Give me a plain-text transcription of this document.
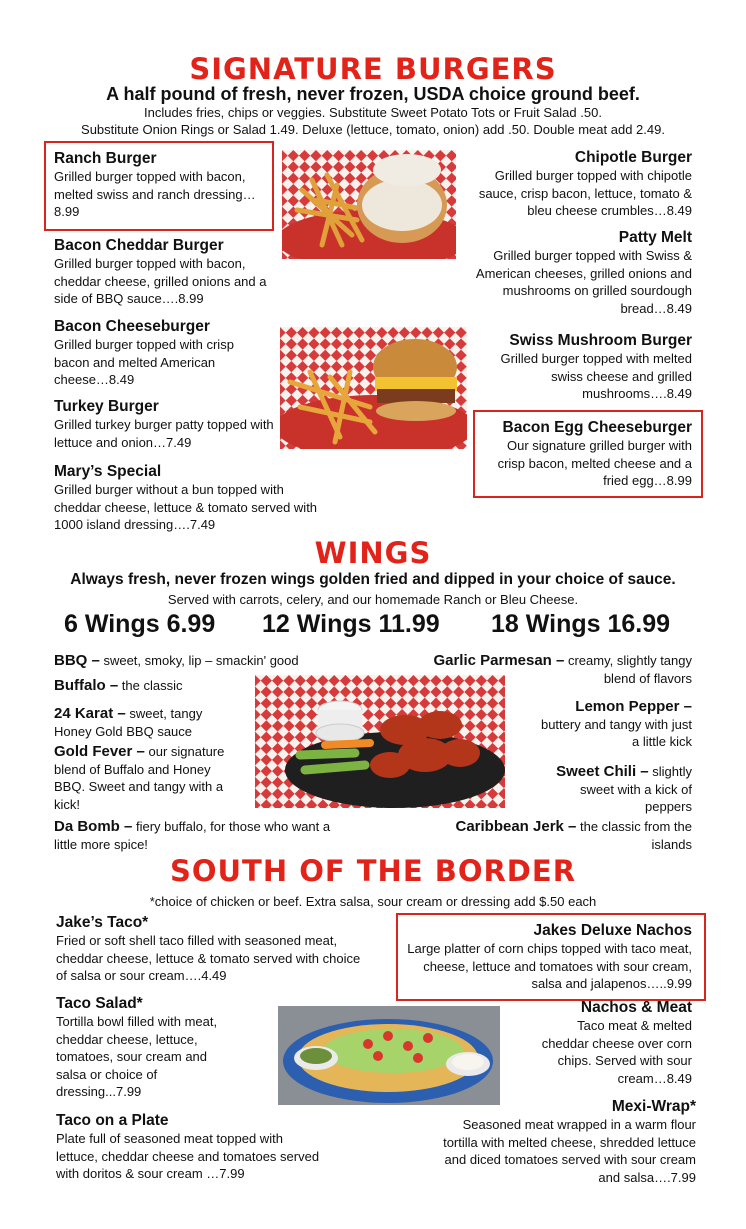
SIGNATURE BURGERS
A half pound of fresh, never frozen, USDA choice ground beef.
Includes fries, chips or veggies. Substitute Sweet Potato Tots or Fruit Salad .50.
Substitute Onion Rings or Salad 1.49. Deluxe (lettuce, tomato, onion) add .50. Double meat add 2.49.
Ranch Burger
Grilled burger topped with bacon, melted swiss and ranch dressing…8.99
Bacon Cheddar Burger
Grilled burger topped with bacon, cheddar cheese, grilled onions and a side of BBQ sauce….8.99
Bacon Cheeseburger
Grilled burger topped with crisp bacon and melted American cheese…8.49
Turkey Burger
Grilled turkey burger patty topped with lettuce and onion…7.49
Mary’s Special
Grilled burger without a bun topped with cheddar cheese, lettuce & tomato served with 1000 island dressing….7.49
Chipotle Burger
Grilled burger topped with chipotle sauce, crisp bacon, lettuce, tomato & bleu cheese crumbles…8.49
Patty Melt
Grilled burger topped with Swiss & American cheeses, grilled onions and mushrooms on grilled sourdough bread…8.49
Swiss Mushroom Burger
Grilled burger topped with melted swiss cheese and grilled mushrooms….8.49
Bacon Egg Cheeseburger
Our signature grilled burger with crisp bacon, melted cheese and a fried egg…8.99
WINGS
Always fresh, never frozen wings golden fried and dipped in your choice of sauce.
Served with carrots, celery, and our homemade Ranch or Bleu Cheese.
6 Wings 6.99 12 Wings 11.99 18 Wings 16.99
BBQ – sweet, smoky, lip – smackin' good
Buffalo – the classic
24 Karat – sweet, tangy Honey Gold BBQ sauce
Gold Fever – our signature blend of Buffalo and Honey BBQ. Sweet and tangy with a kick!
Da Bomb – fiery buffalo, for those who want a little more spice!
Garlic Parmesan – creamy, slightly tangy blend of flavors
Lemon Pepper – buttery and tangy with just a little kick
Sweet Chili – slightly sweet with a kick of peppers
Caribbean Jerk – the classic from the islands
SOUTH OF THE BORDER
*choice of chicken or beef. Extra salsa, sour cream or dressing add $.50 each
Jake’s Taco*
Fried or soft shell taco filled with seasoned meat, cheddar cheese, lettuce & tomato served with choice of salsa or sour cream….4.49
Taco Salad*
Tortilla bowl filled with meat, cheddar cheese, lettuce, tomatoes, sour cream and salsa or choice of dressing...7.99
Taco on a Plate
Plate full of seasoned meat topped with lettuce, cheddar cheese and tomatoes served with doritos & sour cream …7.99
Jakes Deluxe Nachos
Large platter of corn chips topped with taco meat, cheese, lettuce and tomatoes with sour cream, salsa and jalapenos…..9.99
Nachos & Meat
Taco meat & melted cheddar cheese over corn chips. Served with sour cream…8.49
Mexi-Wrap*
Seasoned meat wrapped in a warm flour tortilla with melted cheese, shredded lettuce and diced tomatoes served with sour cream and salsa….7.99
